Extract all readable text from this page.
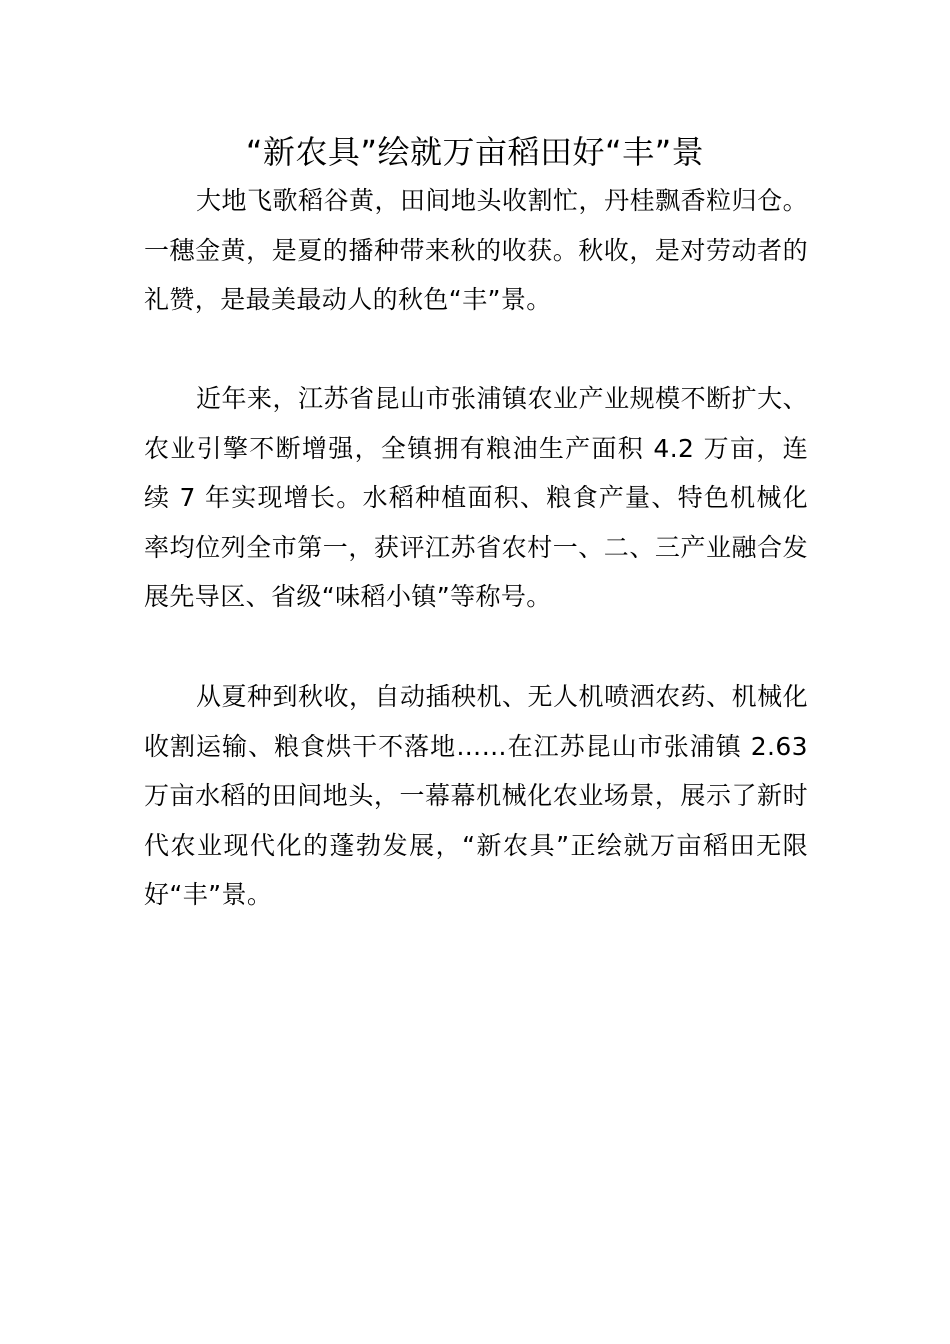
“新农具”绘就万亩稻田好“丰”景

大地飞歌稻谷黄，田间地头收割忙，丹桂飘香粒归仓。一穗金黄，是夏的播种带来秋的收获。秋收，是对劳动者的礼赞，是最美最动人的秋色“丰”景。

近年来，江苏省昆山市张浦镇农业产业规模不断扩大、农业引擎不断增强，全镇拥有粮油生产面积 4.2 万亩，连续 7 年实现增长。水稻种植面积、粮食产量、特色机械化率均位列全市第一，获评江苏省农村一、二、三产业融合发展先导区、省级“味稻小镇”等称号。

从夏种到秋收，自动插秧机、无人机喷洒农药、机械化收割运输、粮食烘干不落地……在江苏昆山市张浦镇 2.63 万亩水稻的田间地头，一幕幕机械化农业场景，展示了新时代农业现代化的蓬勃发展，“新农具”正绘就万亩稻田无限好“丰”景。
